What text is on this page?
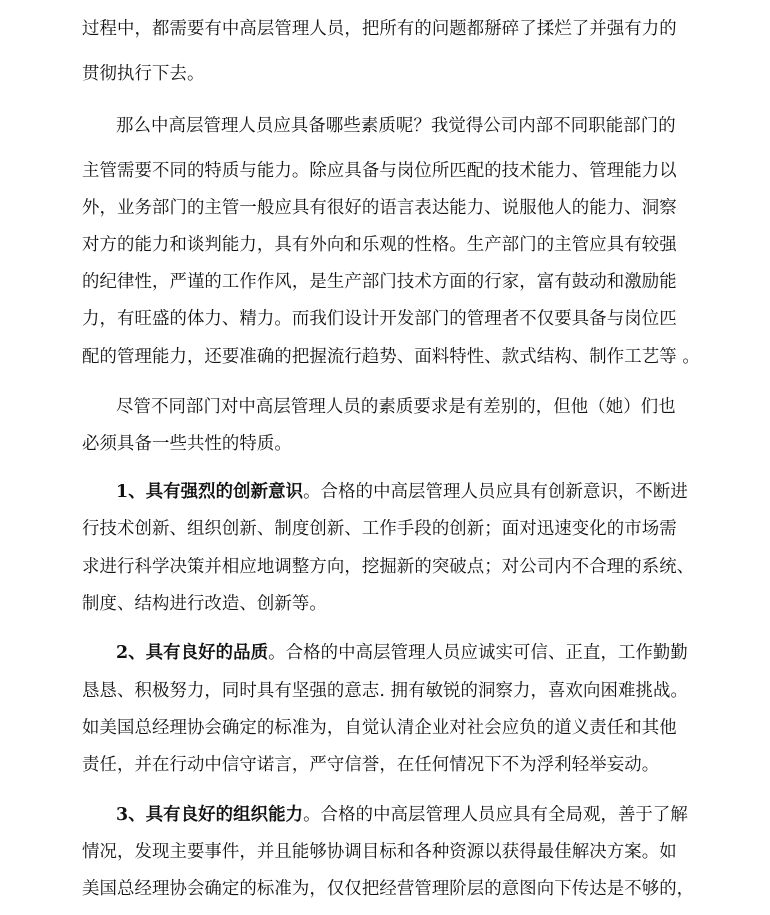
过程中，都需要有中高层管理人员，把所有的问题都掰碎了揉烂了并强有力的
贯彻执行下去。
那么中高层管理人员应具备哪些素质呢？我觉得公司内部不同职能部门的
主管需要不同的特质与能力。除应具备与岗位所匹配的技术能力、管理能力以
外，业务部门的主管一般应具有很好的语言表达能力、说服他人的能力、洞察
对方的能力和谈判能力，具有外向和乐观的性格。生产部门的主管应具有较强
的纪律性，严谨的工作作风，是生产部门技术方面的行家，富有鼓动和激励能
力，有旺盛的体力、精力。而我们设计开发部门的管理者不仅要具备与岗位匹
配的管理能力，还要准确的把握流行趋势、面料特性、款式结构、制作工艺等 。
尽管不同部门对中高层管理人员的素质要求是有差别的，但他（她）们也
必须具备一些共性的特质。
1、具有强烈的创新意识。合格的中高层管理人员应具有创新意识，不断进
行技术创新、组织创新、制度创新、工作手段的创新；面对迅速变化的市场需
求进行科学决策并相应地调整方向，挖掘新的突破点；对公司内不合理的系统、
制度、结构进行改造、创新等。
2、具有良好的品质。合格的中高层管理人员应诚实可信、正直，工作勤勤
恳恳、积极努力，同时具有坚强的意志. 拥有敏锐的洞察力，喜欢向困难挑战。
如美国总经理协会确定的标准为，自觉认清企业对社会应负的道义责任和其他
责任，并在行动中信守诺言，严守信誉，在任何情况下不为浮利轻举妄动。
3、具有良好的组织能力。合格的中高层管理人员应具有全局观，善于了解
情况，发现主要事件，并且能够协调目标和各种资源以获得最佳解决方案。如
美国总经理协会确定的标准为，仅仅把经营管理阶层的意图向下传达是不够的，
